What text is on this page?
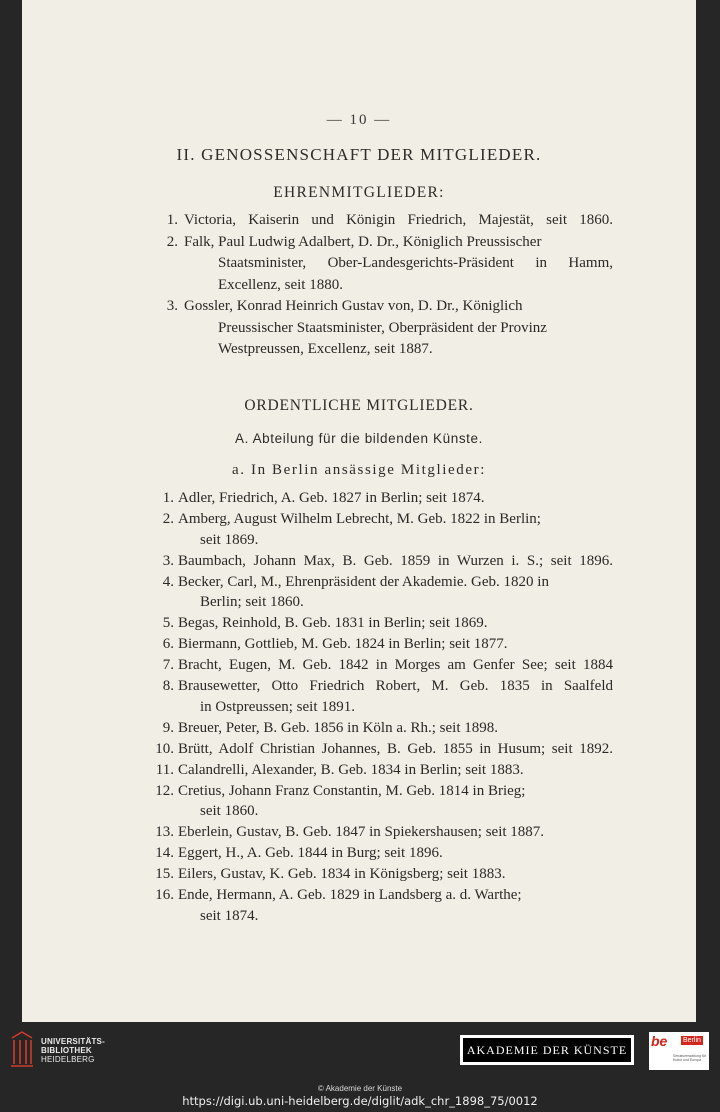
— 10 —
II. GENOSSENSCHAFT DER MITGLIEDER.
EHRENMITGLIEDER:
1. Victoria, Kaiserin und Königin Friedrich, Majestät, seit 1860.
2. Falk, Paul Ludwig Adalbert, D. Dr., Königlich Preussischer
Staatsminister, Ober-Landesgerichts-Präsident in Hamm,
Excellenz, seit 1880.
3. Gossler, Konrad Heinrich Gustav von, D. Dr., Königlich
Preussischer Staatsminister, Oberpräsident der Provinz
Westpreussen, Excellenz, seit 1887.
ORDENTLICHE MITGLIEDER.
A. Abteilung für die bildenden Künste.
a. In Berlin ansässige Mitglieder:
1. Adler, Friedrich, A. Geb. 1827 in Berlin; seit 1874.
2. Amberg, August Wilhelm Lebrecht, M. Geb. 1822 in Berlin;
seit 1869.
3. Baumbach, Johann Max, B. Geb. 1859 in Wurzen i. S.; seit 1896.
4. Becker, Carl, M., Ehrenpräsident der Akademie. Geb. 1820 in
Berlin; seit 1860.
5. Begas, Reinhold, B. Geb. 1831 in Berlin; seit 1869.
6. Biermann, Gottlieb, M. Geb. 1824 in Berlin; seit 1877.
7. Bracht, Eugen, M. Geb. 1842 in Morges am Genfer See; seit 1884
8. Brausewetter, Otto Friedrich Robert, M. Geb. 1835 in Saalfeld
in Ostpreussen; seit 1891.
9. Breuer, Peter, B. Geb. 1856 in Köln a. Rh.; seit 1898.
10. Brütt, Adolf Christian Johannes, B. Geb. 1855 in Husum; seit 1892.
11. Calandrelli, Alexander, B. Geb. 1834 in Berlin; seit 1883.
12. Cretius, Johann Franz Constantin, M. Geb. 1814 in Brieg;
seit 1860.
13. Eberlein, Gustav, B. Geb. 1847 in Spiekershausen; seit 1887.
14. Eggert, H., A. Geb. 1844 in Burg; seit 1896.
15. Eilers, Gustav, K. Geb. 1834 in Königsberg; seit 1883.
16. Ende, Hermann, A. Geb. 1829 in Landsberg a. d. Warthe;
seit 1874.
UNIVERSITÄTS-
BIBLIOTHEK
HEIDELBERG
AKADEMIE DER KÜNSTE
be Berlin
Senatsverwaltung für Kultur und Europa
© Akademie der Künste
https://digi.ub.uni-heidelberg.de/diglit/adk_chr_1898_75/0012
